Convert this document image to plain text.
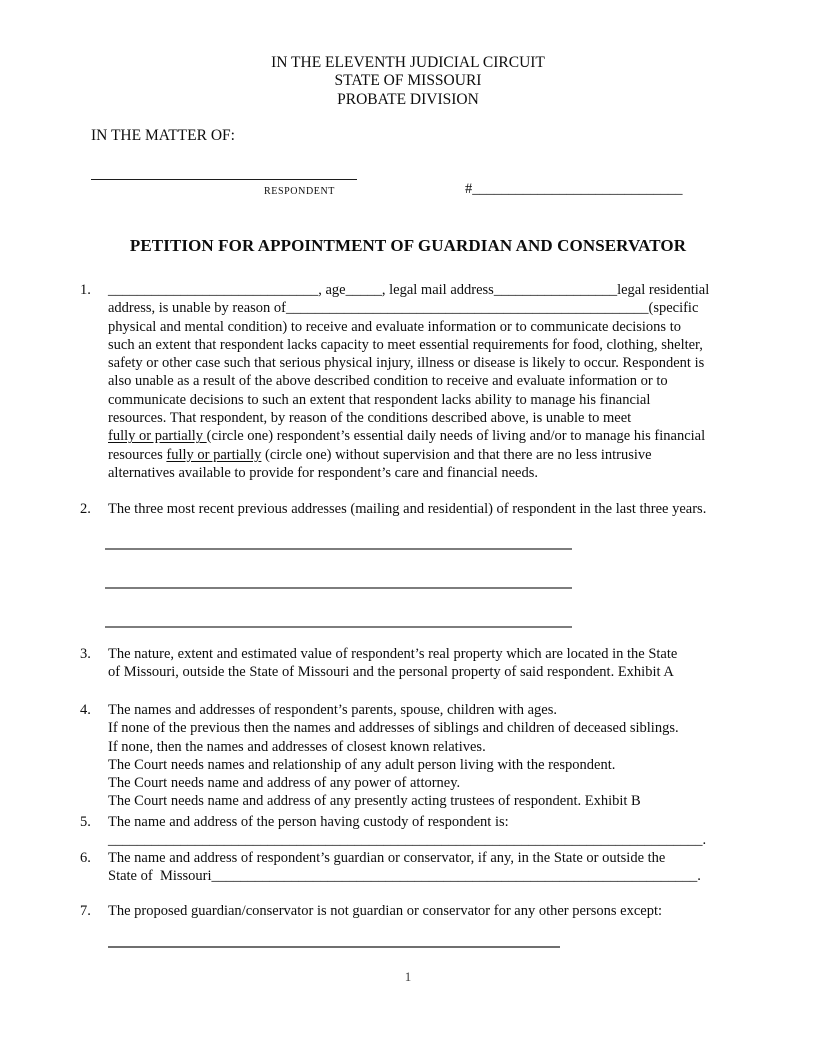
IN THE ELEVENTH JUDICIAL CIRCUIT
STATE OF MISSOURI
PROBATE DIVISION
IN THE MATTER OF:
RESPONDENT	#_____________________________
PETITION FOR APPOINTMENT OF GUARDIAN AND CONSERVATOR
1. _____________________________, age_____, legal mail address_________________legal residential
address, is unable by reason of__________________________________________________(specific
physical and mental condition) to receive and evaluate information or to communicate decisions to
such an extent that respondent lacks capacity to meet essential requirements for food, clothing, shelter,
safety or other case such that serious physical injury, illness or disease is likely to occur. Respondent is
also unable as a result of the above described condition to receive and evaluate information or to
communicate decisions to such an extent that respondent lacks ability to manage his financial
resources. That respondent, by reason of the conditions described above, is unable to meet
fully or partially (circle one) respondent’s essential daily needs of living and/or to manage his financial
resources fully or partially (circle one) without supervision and that there are no less intrusive
alternatives available to provide for respondent’s care and financial needs.
2. The three most recent previous addresses (mailing and residential) of respondent in the last three years.
3. The nature, extent and estimated value of respondent’s real property which are located in the State
of Missouri, outside the State of Missouri and the personal property of said respondent. Exhibit A
4. The names and addresses of respondent’s parents, spouse, children with ages.
If none of the previous then the names and addresses of siblings and children of deceased siblings.
If none, then the names and addresses of closest known relatives.
The Court needs names and relationship of any adult person living with the respondent.
The Court needs name and address of any power of attorney.
The Court needs name and address of any presently acting trustees of respondent. Exhibit B
5. The name and address of the person having custody of respondent is:
__________________________________________________________________________________.
6. The name and address of respondent’s guardian or conservator, if any, in the State or outside the
State of  Missouri___________________________________________________________________.
7. The proposed guardian/conservator is not guardian or conservator for any other persons except:
1
